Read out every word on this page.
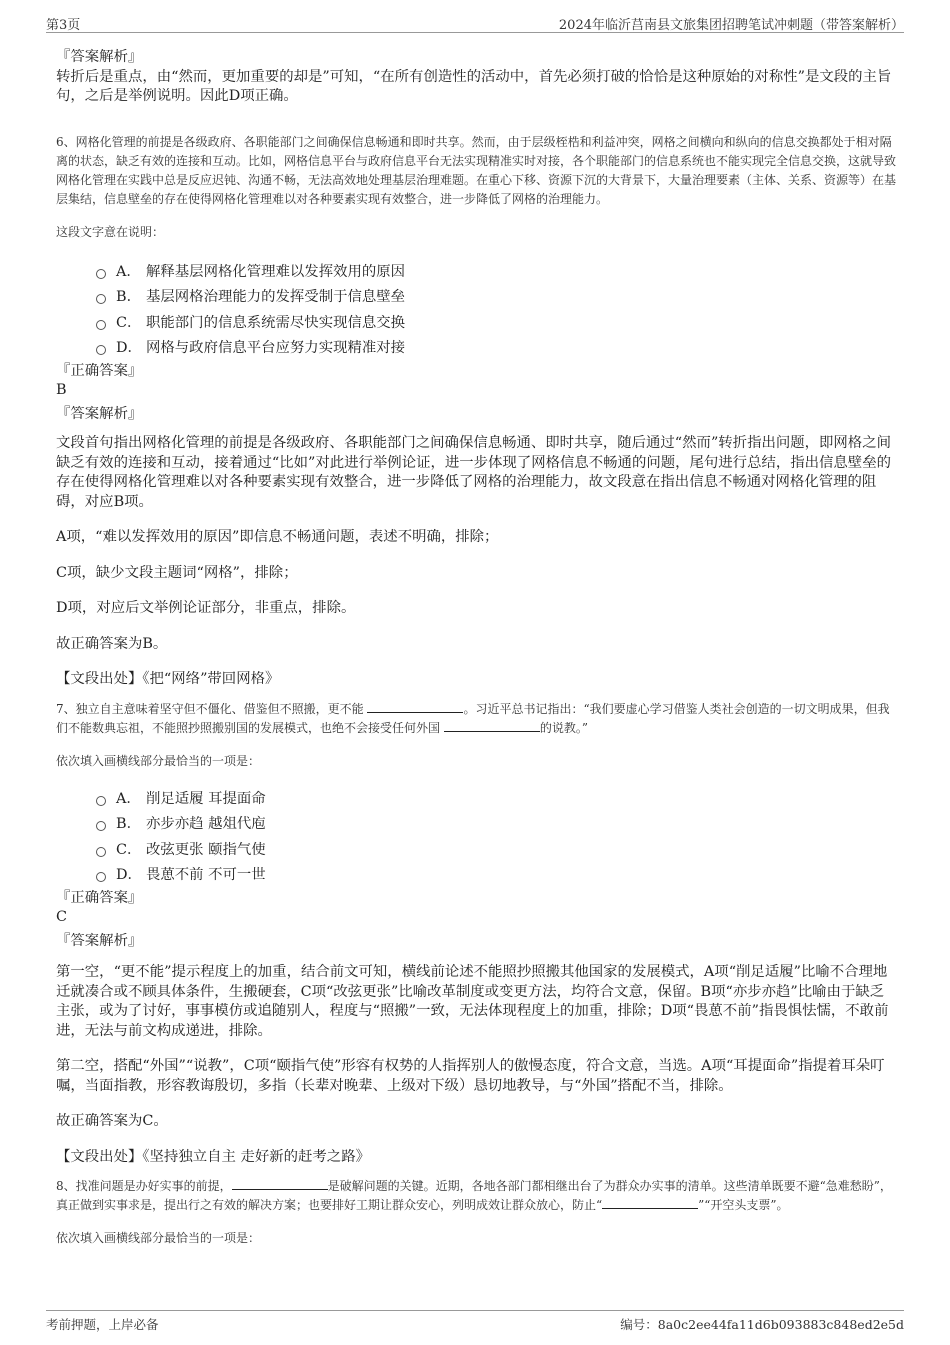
第3页	2024年临沂莒南县文旅集团招聘笔试冲刺题（带答案解析）

『答案解析』

转折后是重点，由“然而，更加重要的却是”可知，“在所有创造性的活动中，首先必须打破的恰恰是这种原始的对称性”是文段的主旨句，之后是举例说明。因此D项正确。

6、网格化管理的前提是各级政府、各职能部门之间确保信息畅通和即时共享。然而，由于层级桎梏和利益冲突，网格之间横向和纵向的信息交换都处于相对隔离的状态，缺乏有效的连接和互动。比如，网格信息平台与政府信息平台无法实现精准实时对接，各个职能部门的信息系统也不能实现完全信息交换，这就导致网格化管理在实践中总是反应迟钝、沟通不畅，无法高效地处理基层治理难题。在重心下移、资源下沉的大背景下，大量治理要素（主体、关系、资源等）在基层集结，信息壁垒的存在使得网格化管理难以对各种要素实现有效整合，进一步降低了网格的治理能力。

这段文字意在说明：

A． 解释基层网格化管理难以发挥效用的原因
B． 基层网格治理能力的发挥受制于信息壁垒
C． 职能部门的信息系统需尽快实现信息交换
D． 网格与政府信息平台应努力实现精准对接

『正确答案』

B

『答案解析』

文段首句指出网格化管理的前提是各级政府、各职能部门之间确保信息畅通、即时共享，随后通过“然而”转折指出问题，即网格之间缺乏有效的连接和互动，接着通过“比如”对此进行举例论证，进一步体现了网格信息不畅通的问题，尾句进行总结，指出信息壁垒的存在使得网格化管理难以对各种要素实现有效整合，进一步降低了网格的治理能力，故文段意在指出信息不畅通对网格化管理的阻碍，对应B项。

A项，“难以发挥效用的原因”即信息不畅通问题，表述不明确，排除；

C项，缺少文段主题词“网格”，排除；

D项，对应后文举例论证部分，非重点，排除。

故正确答案为B。

【文段出处】《把“网络”带回网格》

7、独立自主意味着坚守但不僵化、借鉴但不照搬，更不能	。习近平总书记指出：“我们要虚心学习借鉴人类社会创造的一切文明成果，但我们不能数典忘祖，不能照抄照搬别国的发展模式，也绝不会接受任何外国	的说教。”

依次填入画横线部分最恰当的一项是：

A． 削足适履 耳提面命
B． 亦步亦趋 越俎代庖
C． 改弦更张 颐指气使
D． 畏葸不前 不可一世

『正确答案』

C

『答案解析』

第一空，“更不能”提示程度上的加重，结合前文可知，横线前论述不能照抄照搬其他国家的发展模式，A项“削足适履”比喻不合理地迁就凑合或不顾具体条件，生搬硬套，C项“改弦更张”比喻改革制度或变更方法，均符合文意，保留。B项“亦步亦趋”比喻由于缺乏主张，或为了讨好，事事模仿或追随别人，程度与“照搬”一致，无法体现程度上的加重，排除；D项“畏葸不前”指畏惧怯懦，不敢前进，无法与前文构成递进，排除。

第二空，搭配“外国”“说教”，C项“颐指气使”形容有权势的人指挥别人的傲慢态度，符合文意，当选。A项“耳提面命”指提着耳朵叮嘱，当面指教，形容教诲殷切，多指（长辈对晚辈、上级对下级）恳切地教导，与“外国”搭配不当，排除。

故正确答案为C。

【文段出处】《坚持独立自主 走好新的赶考之路》

8、找准问题是办好实事的前提，	是破解问题的关键。近期，各地各部门都相继出台了为群众办实事的清单。这些清单既要不避“急难愁盼”，真正做到实事求是，提出行之有效的解决方案；也要排好工期让群众安心，列明成效让群众放心，防止“	”“开空头支票”。

依次填入画横线部分最恰当的一项是：

考前押题，上岸必备	编号：8a0c2ee44fa11d6b093883c848ed2e5d
